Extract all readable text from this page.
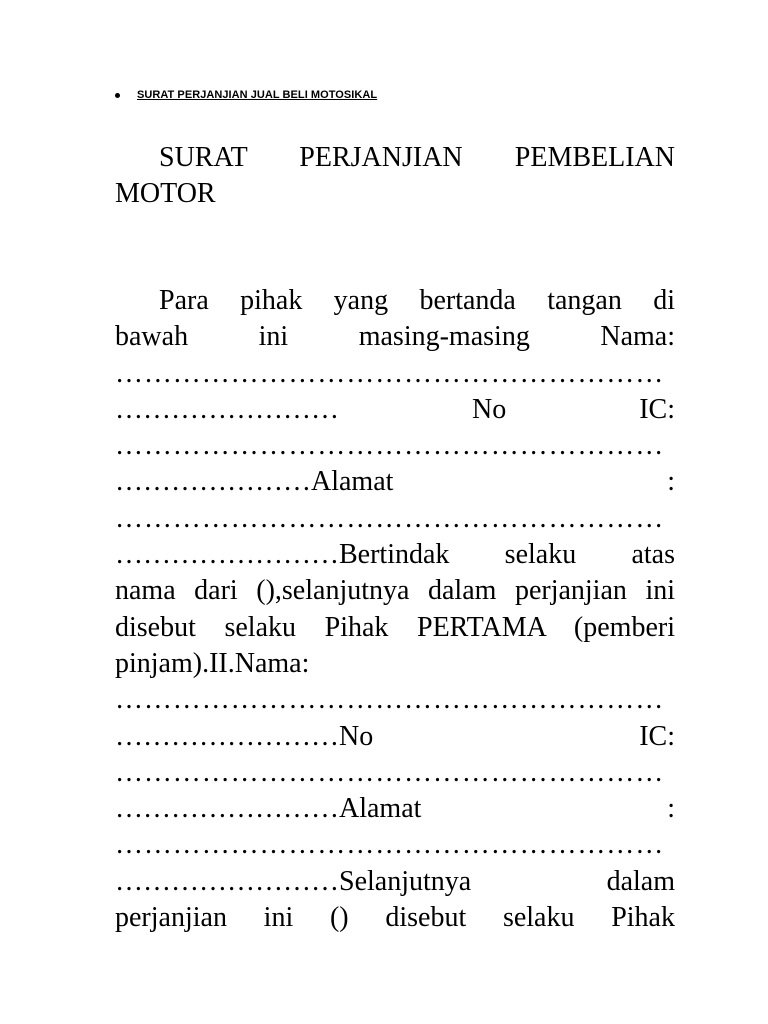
SURAT PERJANJIAN JUAL BELI MOTOSIKAL
SURAT PERJANJIAN PEMBELIAN
MOTOR
Para pihak yang bertanda tangan di
bawah ini masing-masing Nama:
…………………………………………………
…………………… No IC:
…………………………………………………
…………………Alamat :
…………………………………………………
……………………Bertindak selaku atas
nama dari (),selanjutnya dalam perjanjian ini
disebut selaku Pihak PERTAMA (pemberi
pinjam).II.Nama:
…………………………………………………
……………………No IC:
…………………………………………………
……………………Alamat :
…………………………………………………
……………………Selanjutnya dalam
perjanjian ini () disebut selaku Pihak
